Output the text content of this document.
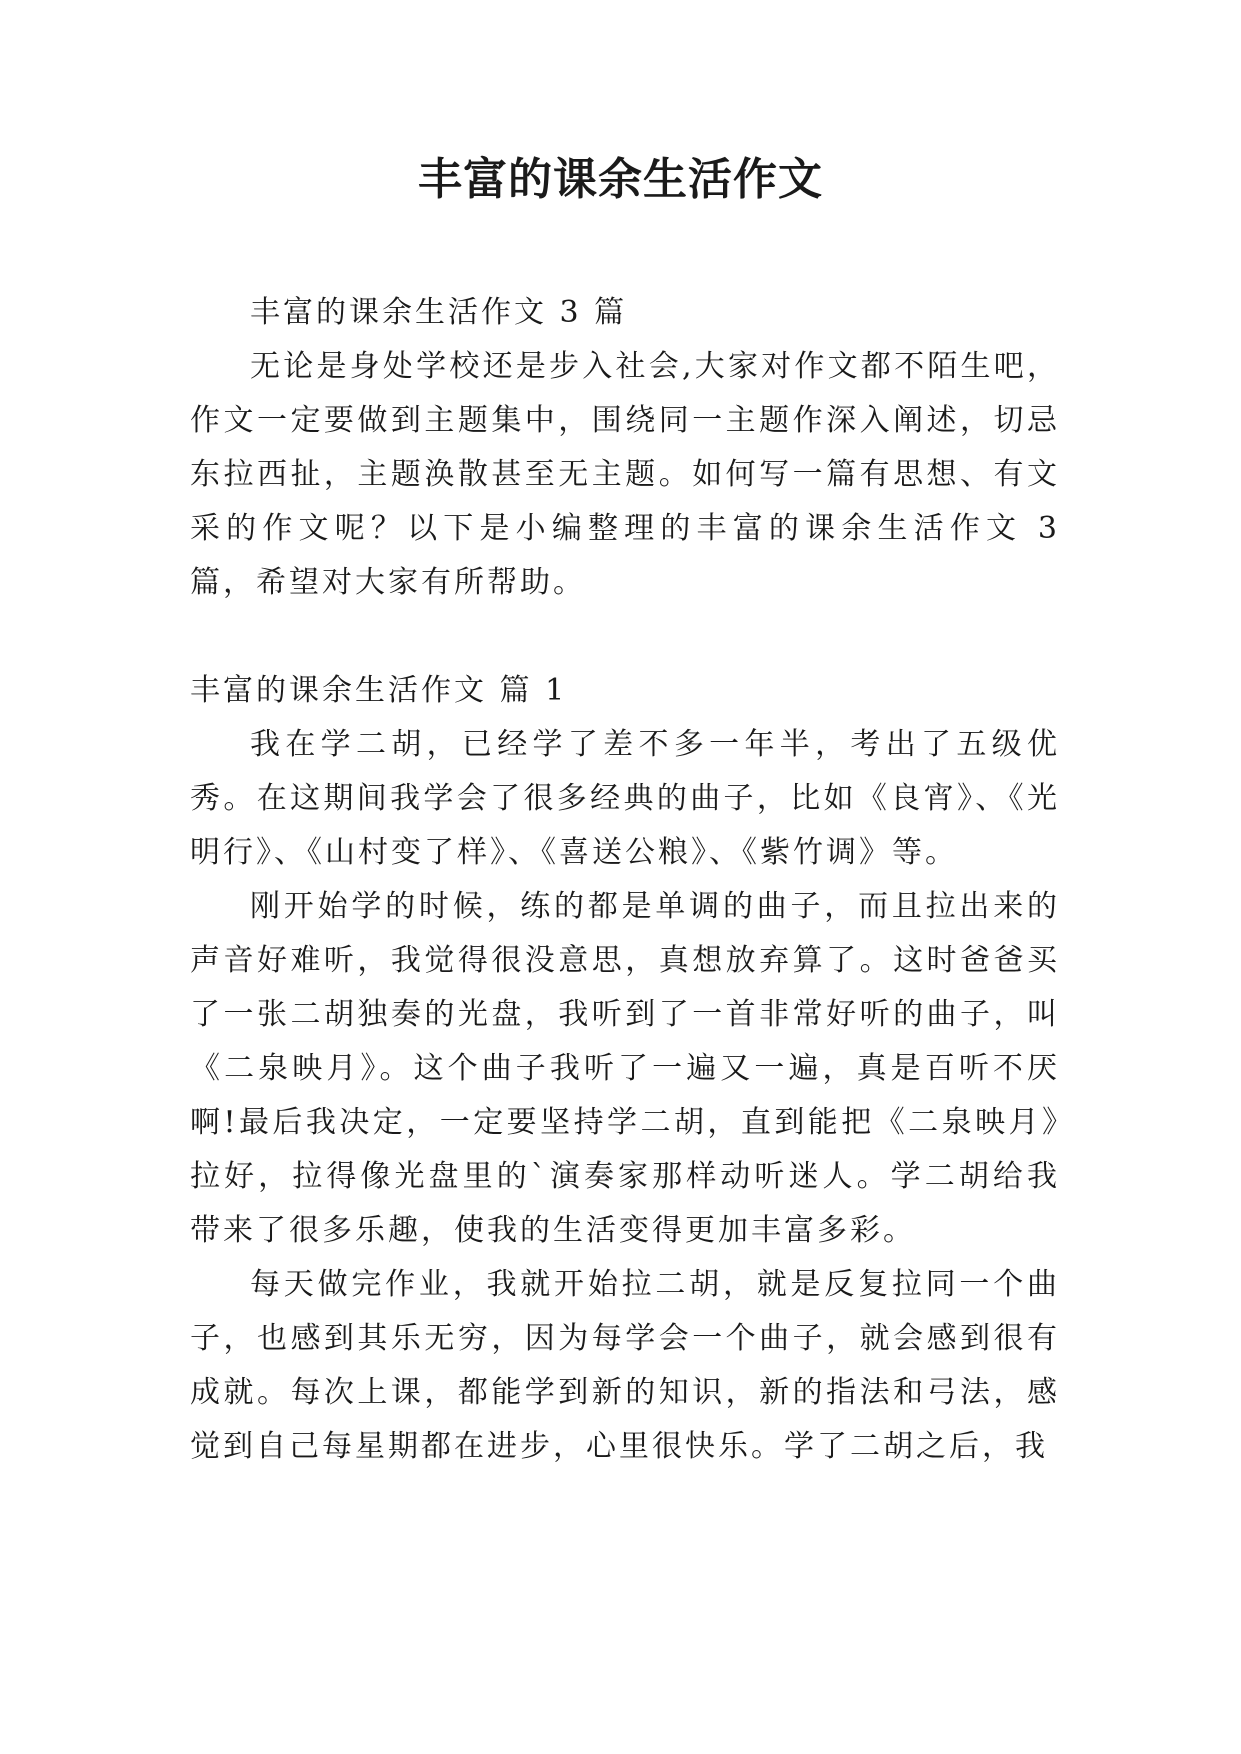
丰富的课余生活作文

丰富的课余生活作文 3 篇

无论是身处学校还是步入社会,大家对作文都不陌生吧，作文一定要做到主题集中，围绕同一主题作深入阐述，切忌东拉西扯，主题涣散甚至无主题。如何写一篇有思想、有文采的作文呢？以下是小编整理的丰富的课余生活作文 3 篇，希望对大家有所帮助。

丰富的课余生活作文 篇 1

我在学二胡，已经学了差不多一年半，考出了五级优秀。在这期间我学会了很多经典的曲子，比如《良宵》、《光明行》、《山村变了样》、《喜送公粮》、《紫竹调》等。

刚开始学的时候，练的都是单调的曲子，而且拉出来的声音好难听，我觉得很没意思，真想放弃算了。这时爸爸买了一张二胡独奏的光盘，我听到了一首非常好听的曲子，叫《二泉映月》。这个曲子我听了一遍又一遍，真是百听不厌啊!最后我决定，一定要坚持学二胡，直到能把《二泉映月》拉好，拉得像光盘里的`演奏家那样动听迷人。学二胡给我带来了很多乐趣，使我的生活变得更加丰富多彩。

每天做完作业，我就开始拉二胡，就是反复拉同一个曲子，也感到其乐无穷，因为每学会一个曲子，就会感到很有成就。每次上课，都能学到新的知识，新的指法和弓法，感觉到自己每星期都在进步，心里很快乐。学了二胡之后，我
